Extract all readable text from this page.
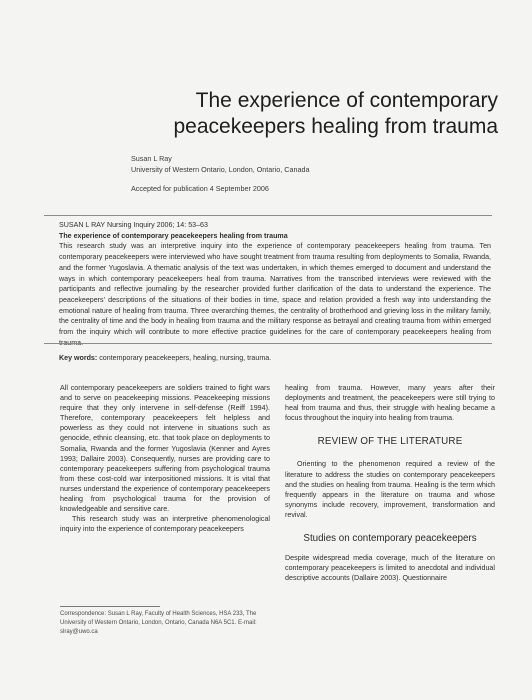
The experience of contemporary
peacekeepers healing from trauma
Susan L Ray
University of Western Ontario, London, Ontario, Canada
Accepted for publication 4 September 2006
SUSAN L RAY Nursing Inquiry 2006; 14: 53–63
The experience of contemporary peacekeepers healing from trauma
This research study was an interpretive inquiry into the experience of contemporary peacekeepers healing from trauma. Ten contemporary peacekeepers were interviewed who have sought treatment from trauma resulting from deployments to Somalia, Rwanda, and the former Yugoslavia. A thematic analysis of the text was undertaken, in which themes emerged to document and understand the ways in which contemporary peacekeepers heal from trauma. Narratives from the transcribed interviews were reviewed with the participants and reflective journaling by the researcher provided further clarification of the data to understand the experience. The peacekeepers' descriptions of the situations of their bodies in time, space and relation provided a fresh way into understanding the emotional nature of healing from trauma. Three overarching themes, the centrality of brotherhood and grieving loss in the military family, the centrality of time and the body in healing from trauma and the military response as betrayal and creating trauma from within emerged from the inquiry which will contribute to more effective practice guidelines for the care of contemporary peacekeepers healing from
Key words: contemporary peacekeepers, healing, nursing, trauma.

All contemporary peacekeepers are soldiers trained to fight wars and to serve on peacekeeping missions. Peacekeeping missions require that they only intervene in self-defense (Reiff 1994). Therefore, contemporary peacekeepers felt helpless and powerless as they could not intervene in situations such as genocide, ethnic cleansing, etc. that took place on deployments to Somalia, Rwanda and the former Yugoslavia (Kenner and Ayres 1993; Dallaire 2003). Consequently, nurses are providing care to contemporary peacekeepers suffering from psychological trauma from these cost-cold war interpositioned missions. It is vital that nurses understand the experience of contemporary peacekeepers healing from psychological trauma for the provision of knowledgeable and sensitive care.

This research study was an interpretive phenomenological inquiry into the experience of contemporary peacekeepers

healing from trauma. However, many years after their deployments and treatment, the peacekeepers were still trying to heal from trauma and thus, their struggle with healing became a focus throughout the inquiry into healing from trauma.

REVIEW OF THE LITERATURE

Orienting to the phenomenon required a review of the literature to address the studies on contemporary peacekeepers and the studies on healing from trauma. Healing is the term which frequently appears in the literature on trauma and whose synonyms include recovery, improvement, transformation and revival.

Studies on contemporary peacekeepers

Despite widespread media coverage, much of the literature on contemporary peacekeepers is limited to anecdotal and individual descriptive accounts (Dallaire 2003). Questionnaire

Correspondence: Susan L Ray, Faculty of Health Sciences, HSA 233, The University of Western Ontario, London, Ontario, Canada N6A 5C1. E-mail: slray@uwo.ca
